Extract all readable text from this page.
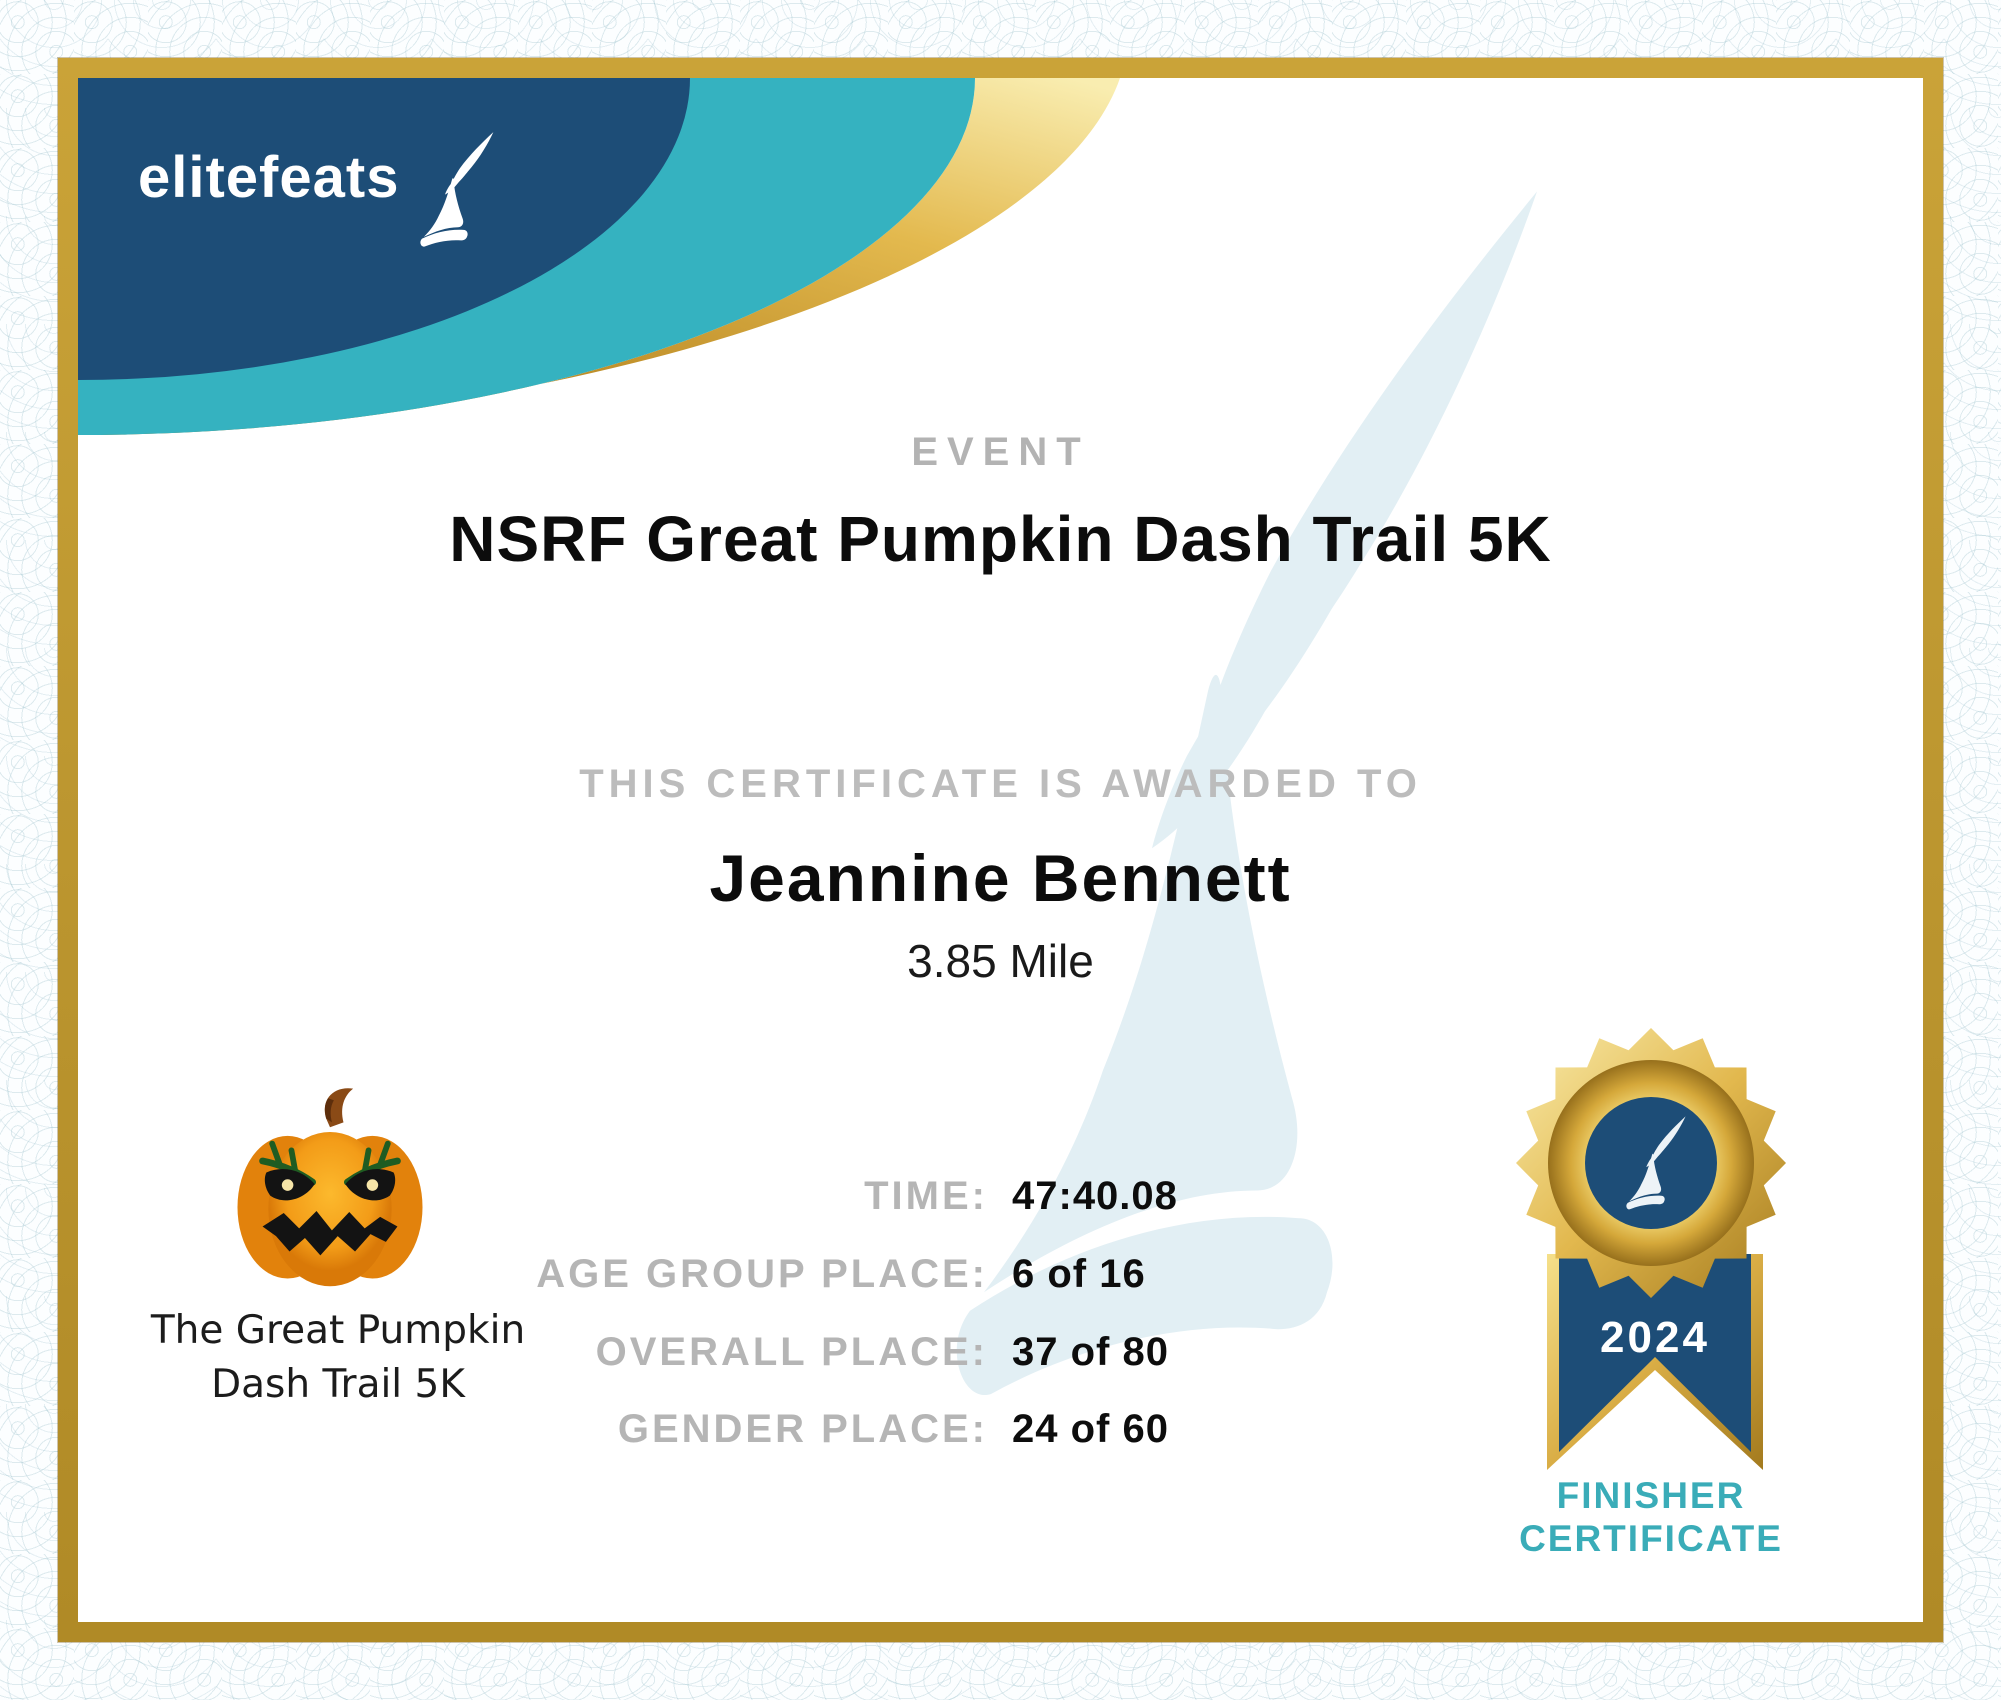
elitefeats
EVENT
NSRF Great Pumpkin Dash Trail 5K
THIS CERTIFICATE IS AWARDED TO
Jeannine Bennett
3.85 Mile
TIME: 47:40.08
AGE GROUP PLACE: 6 of 16
OVERALL PLACE: 37 of 80
GENDER PLACE: 24 of 60
The Great Pumpkin
Dash Trail 5K
2024
FINISHER
CERTIFICATE
